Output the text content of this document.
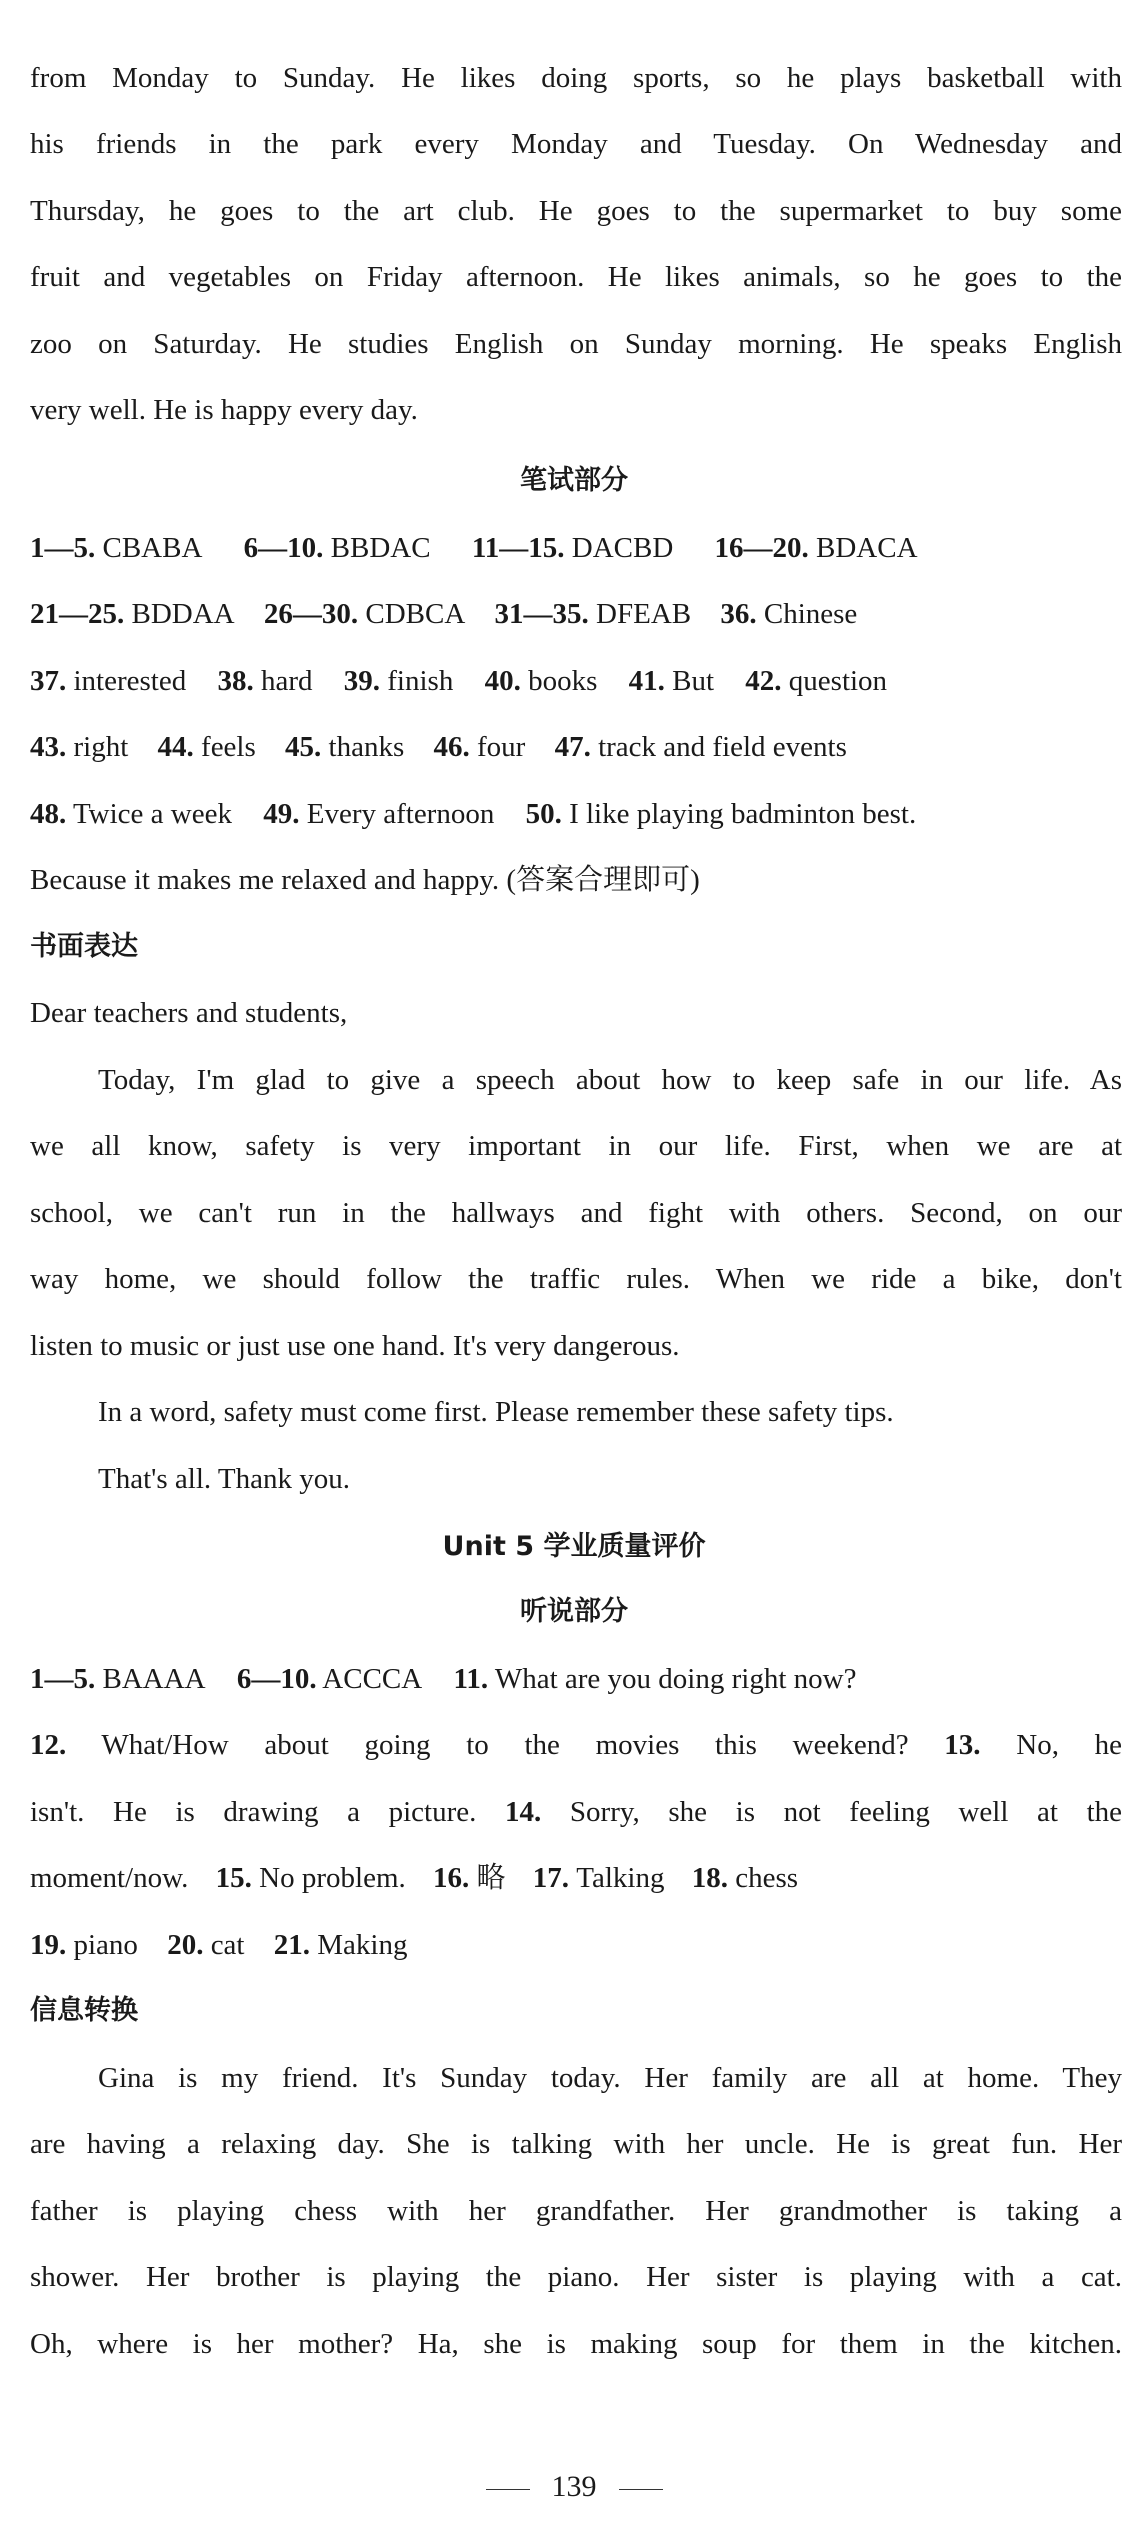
from Monday to Sunday. He likes doing sports, so he plays basketball with
his friends in the park every Monday and Tuesday. On Wednesday and
Thursday, he goes to the art club. He goes to the supermarket to buy some
fruit and vegetables on Friday afternoon. He likes animals, so he goes to the
zoo on Saturday. He studies English on Sunday morning. He speaks English
very well. He is happy every day.
笔试部分
1—5. CBABA 6—10. BBDAC 11—15. DACBD 16—20. BDACA
21—25. BDDAA 26—30. CDBCA 31—35. DFEAB 36. Chinese
37. interested 38. hard 39. finish 40. books 41. But 42. question
43. right 44. feels 45. thanks 46. four 47. track and field events
48. Twice a week 49. Every afternoon 50. I like playing badminton best.
Because it makes me relaxed and happy. (答案合理即可)
书面表达
Dear teachers and students,
Today, I'm glad to give a speech about how to keep safe in our life. As
we all know, safety is very important in our life. First, when we are at
school, we can't run in the hallways and fight with others. Second, on our
way home, we should follow the traffic rules. When we ride a bike, don't
listen to music or just use one hand. It's very dangerous.
In a word, safety must come first. Please remember these safety tips.
That's all. Thank you.
Unit 5 学业质量评价
听说部分
1—5. BAAAA 6—10. ACCCA 11. What are you doing right now?
12. What/How about going to the movies this weekend? 13. No, he
isn't. He is drawing a picture. 14. Sorry, she is not feeling well at the
moment/now. 15. No problem. 16. 略 17. Talking 18. chess
19. piano 20. cat 21. Making
信息转换
Gina is my friend. It's Sunday today. Her family are all at home. They
are having a relaxing day. She is talking with her uncle. He is great fun. Her
father is playing chess with her grandfather. Her grandmother is taking a
shower. Her brother is playing the piano. Her sister is playing with a cat.
Oh, where is her mother? Ha, she is making soup for them in the kitchen.
139
